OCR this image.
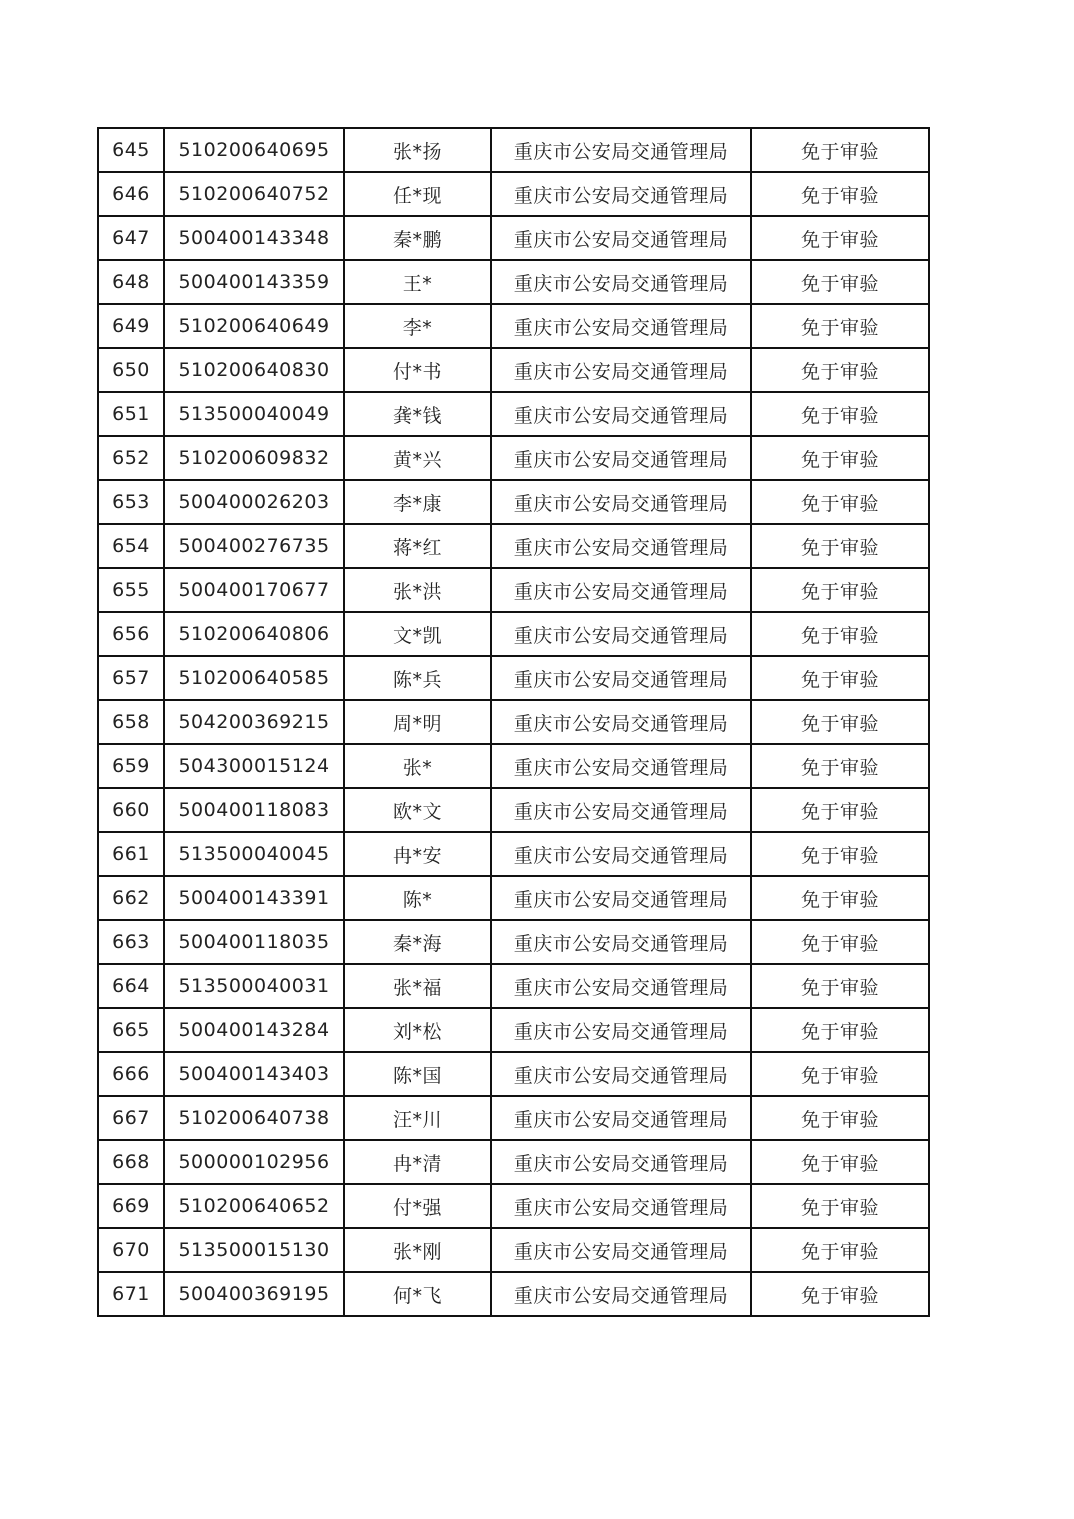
645	510200640695	张*扬	重庆市公安局交通管理局	免于审验
646	510200640752	任*现	重庆市公安局交通管理局	免于审验
647	500400143348	秦*鹏	重庆市公安局交通管理局	免于审验
648	500400143359	王*	重庆市公安局交通管理局	免于审验
649	510200640649	李*	重庆市公安局交通管理局	免于审验
650	510200640830	付*书	重庆市公安局交通管理局	免于审验
651	513500040049	龚*钱	重庆市公安局交通管理局	免于审验
652	510200609832	黄*兴	重庆市公安局交通管理局	免于审验
653	500400026203	李*康	重庆市公安局交通管理局	免于审验
654	500400276735	蒋*红	重庆市公安局交通管理局	免于审验
655	500400170677	张*洪	重庆市公安局交通管理局	免于审验
656	510200640806	文*凯	重庆市公安局交通管理局	免于审验
657	510200640585	陈*兵	重庆市公安局交通管理局	免于审验
658	504200369215	周*明	重庆市公安局交通管理局	免于审验
659	504300015124	张*	重庆市公安局交通管理局	免于审验
660	500400118083	欧*文	重庆市公安局交通管理局	免于审验
661	513500040045	冉*安	重庆市公安局交通管理局	免于审验
662	500400143391	陈*	重庆市公安局交通管理局	免于审验
663	500400118035	秦*海	重庆市公安局交通管理局	免于审验
664	513500040031	张*福	重庆市公安局交通管理局	免于审验
665	500400143284	刘*松	重庆市公安局交通管理局	免于审验
666	500400143403	陈*国	重庆市公安局交通管理局	免于审验
667	510200640738	汪*川	重庆市公安局交通管理局	免于审验
668	500000102956	冉*清	重庆市公安局交通管理局	免于审验
669	510200640652	付*强	重庆市公安局交通管理局	免于审验
670	513500015130	张*刚	重庆市公安局交通管理局	免于审验
671	500400369195	何*飞	重庆市公安局交通管理局	免于审验
